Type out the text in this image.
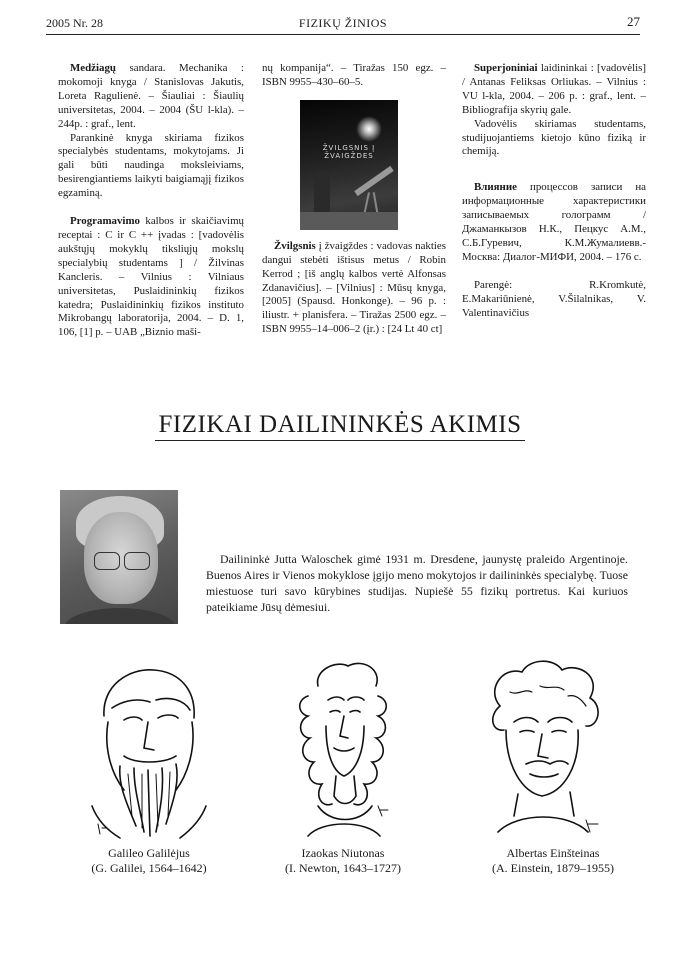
2005 Nr. 28	FIZIKŲ ŽINIOS	27

Medžiagų sandara. Mechanika : mokomoji knyga / Stanislovas Jakutis, Loreta Ragulienė. – Šiauliai : Šiaulių universitetas, 2004. – 2004 (ŠU l-kla). – 244p. : graf., lent.

Parankinė knyga skiriama fizikos specialybės studentams, mokytojams. Ji gali būti naudinga moksleiviams, besirengiantiems laikyti baigiamąjį fizikos egzaminą.

Programavimo kalbos ir skaičiavimų receptai : C ir C ++ įvadas : [vadovėlis aukštųjų mokyklų tiksliųjų mokslų specialybių studentams ] / Žilvinas Kancleris. – Vilnius : Vilniaus universitetas, Puslaidininkių fizikos katedra; Puslaidininkių fizikos instituto Mikrobangų laboratorija, 2004. – D. 1, 106, [1] p. – UAB „Biznio maši-

nų kompanija“. – Tiražas 150 egz. – ISBN 9955–430–60–5.

ŽVILGSNIS Į ŽVAIGŽDES

Žvilgsnis į žvaigždes : vadovas nakties dangui stebėti ištisus metus / Robin Kerrod ; [iš anglų kalbos vertė Alfonsas Zdanavičius]. – [Vilnius] : Mūsų knyga, [2005] (Spausd. Honkonge). – 96 p. : iliustr. + planisfera. – Tiražas 2500 egz. – ISBN 9955–14–006–2 (įr.) : [24 Lt 40 ct]

Superjoniniai laidininkai : [vadovėlis] / Antanas Feliksas Orliukas. – Vilnius : VU l-kla, 2004. – 206 p. : graf., lent. – Bibliografija skyrių gale.

Vadovėlis skiriamas studentams, studijuojantiems kietojo kūno fiziką ir chemiją.

Влияние процессов записи на информационные характеристики записываемых голограмм / Джаманкызов Н.К., Пецкус А.М., С.Б.Гуревич, К.М.Жумалиевв.- Москва: Диалог-МИФИ, 2004. – 176 с.

Parengė: R.Kromkutė, E.Makariūnienė, V.Šilalnikas, V. Valentinavičius

FIZIKAI DAILININKĖS AKIMIS
Dailininkė Jutta Waloschek gimė 1931 m. Dresdene, jaunystę praleido Argentinoje. Buenos Aires ir Vienos mokyklose įgijo meno mokytojos ir dailininkės specialybę. Tuose miestuose turi savo kūrybines studijas. Nupiešė 55 fizikų portretus. Kai kuriuos pateikiame Jūsų dėmesiui.
Galileo Galilėjus
(G. Galilei, 1564–1642)
Izaokas Niutonas
(I. Newton, 1643–1727)
Albertas Einšteinas
(A. Einstein, 1879–1955)
